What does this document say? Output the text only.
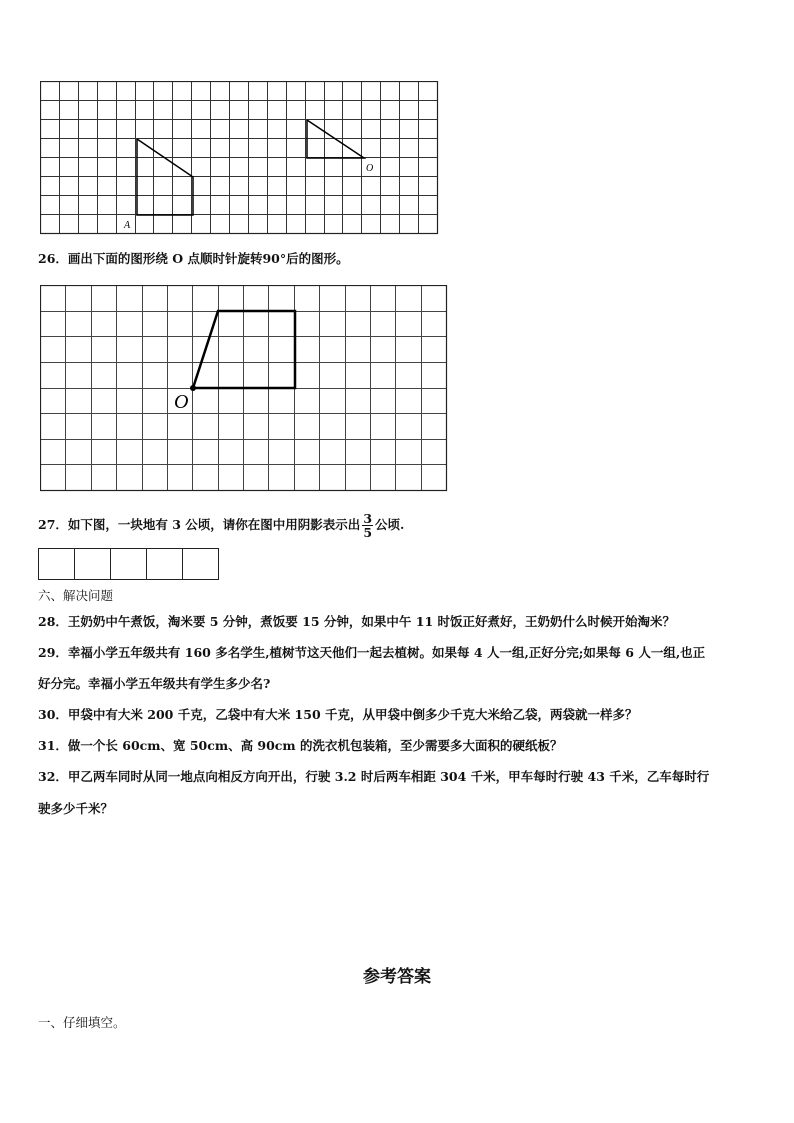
A
O
26．画出下面的图形绕 O 点顺时针旋转90°后的图形。
O
27．如下图，一块地有 3 公顷，请你在图中用阴影表示出 $\frac{3}{5}$ 公顷.
六、解决问题
28．王奶奶中午煮饭，淘米要 5 分钟，煮饭要 15 分钟，如果中午 11 时饭正好煮好，王奶奶什么时候开始淘米？
29．幸福小学五年级共有 160 多名学生,植树节这天他们一起去植树。如果每 4 人一组,正好分完;如果每 6 人一组,也正
好分完。幸福小学五年级共有学生多少名?
30．甲袋中有大米 200 千克，乙袋中有大米 150 千克，从甲袋中倒多少千克大米给乙袋，两袋就一样多？
31．做一个长 60cm、宽 50cm、高 90cm 的洗衣机包装箱，至少需要多大面积的硬纸板？
32．甲乙两车同时从同一地点向相反方向开出，行驶 3.2 时后两车相距 304 千米，甲车每时行驶 43 千米，乙车每时行
驶多少千米？
参考答案
一、仔细填空。
